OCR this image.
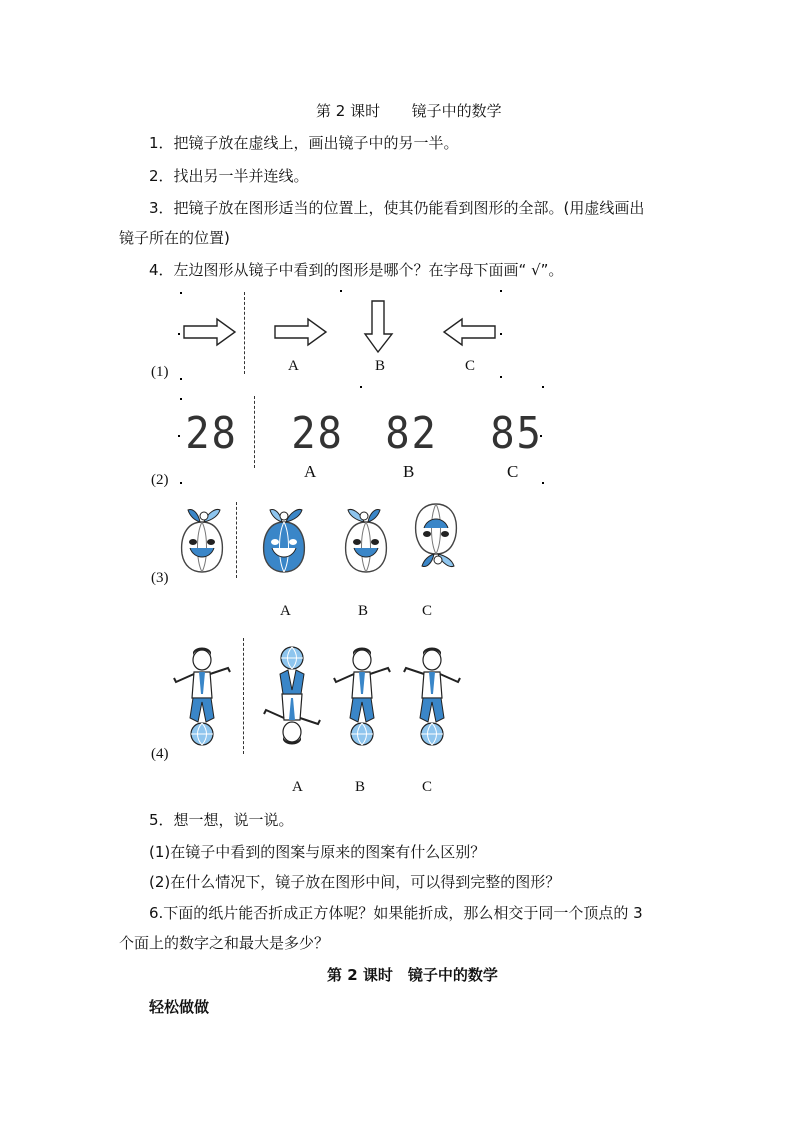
第 2 课时 镜子中的数学
1．把镜子放在虚线上，画出镜子中的另一半。
2．找出另一半并连线。
3．把镜子放在图形适当的位置上，使其仍能看到图形的全部。(用虚线画出
镜子所在的位置)
4．左边图形从镜子中看到的图形是哪个？在字母下面画“ √”。
(1)	A	B	C
28 28 82 85
(2)	A	B	C
(3)
A	B	C
(4)
A	B	C
5．想一想，说一说。
(1)在镜子中看到的图案与原来的图案有什么区别？
(2)在什么情况下，镜子放在图形中间，可以得到完整的图形？
6.下面的纸片能否折成正方体呢？如果能折成，那么相交于同一个顶点的 3
个面上的数字之和最大是多少？
第 2 课时　镜子中的数学
轻松做做
